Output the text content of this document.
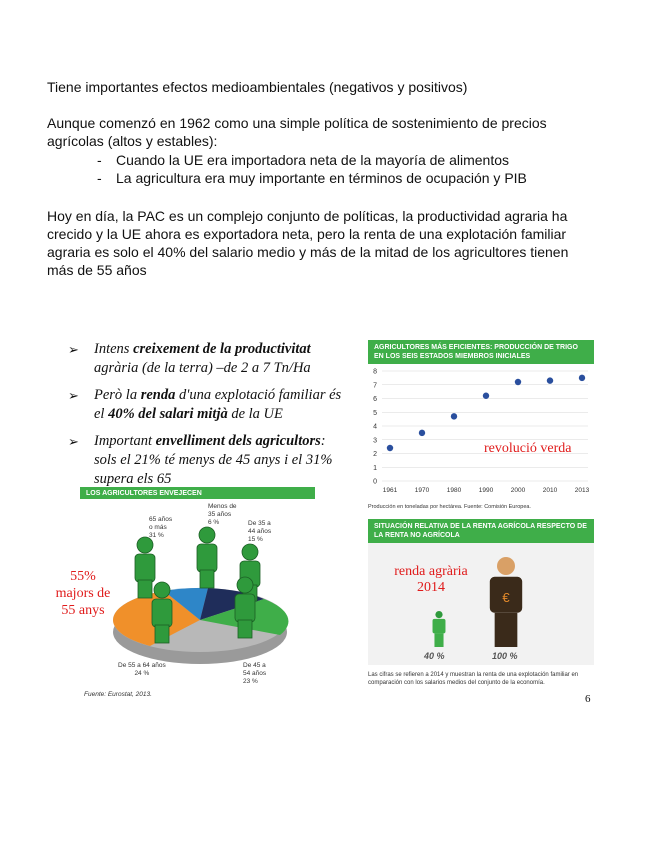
Tiene importantes efectos medioambientales (negativos y positivos)
Aunque comenzó en 1962 como una simple política de sostenimiento de precios
agrícolas (altos y estables):
- Cuando la UE era importadora neta de la mayoría de alimentos
- La agricultura era muy importante en términos de ocupación y PIB
Hoy en día, la PAC es un complejo conjunto de políticas, la productividad agraria ha
crecido y la UE ahora es exportadora neta, pero la renta de una explotación familiar
agraria es solo el 40% del salario medio y más de la mitad de los agricultores tienen
más de 55 años
➢ Intens creixement de la productivitat
agrària (de la terra) –de 2 a 7 Tn/Ha
➢ Però la renda d'una explotació familiar és
el 40% del salari mitjà de la UE
➢ Important envelliment dels agricultors:
sols el 21% té menys de 45 anys i el 31%
supera els 65
LOS AGRICULTORES ENVEJECEN
65 años
o más
31 %
Menos de
35 años
6 %	De 35 a
44 años
15 %
De 45 a
54 años
23 %
De 55 a 64 años
24 %
Fuente: Eurostat, 2013.
55%
majors de
55 anys
AGRICULTORES MÁS EFICIENTES: PRODUCCIÓN DE TRIGO EN LOS SEIS ESTADOS MIEMBROS INICIALES
0
1
2
3
4
5
6
7
8
1961	1970	1980	1990	2000	2010	2013
Producción en toneladas por hectárea. Fuente: Comisión Europea.
revolució verda
SITUACIÓN RELATIVA DE LA RENTA AGRÍCOLA RESPECTO DE LA RENTA NO AGRÍCOLA
renda agrària
2014
€
40 %	100 %
Las cifras se refieren a 2014 y muestran la renta de una explotación familiar en comparación con los salarios medios del conjunto de la economía.
6
